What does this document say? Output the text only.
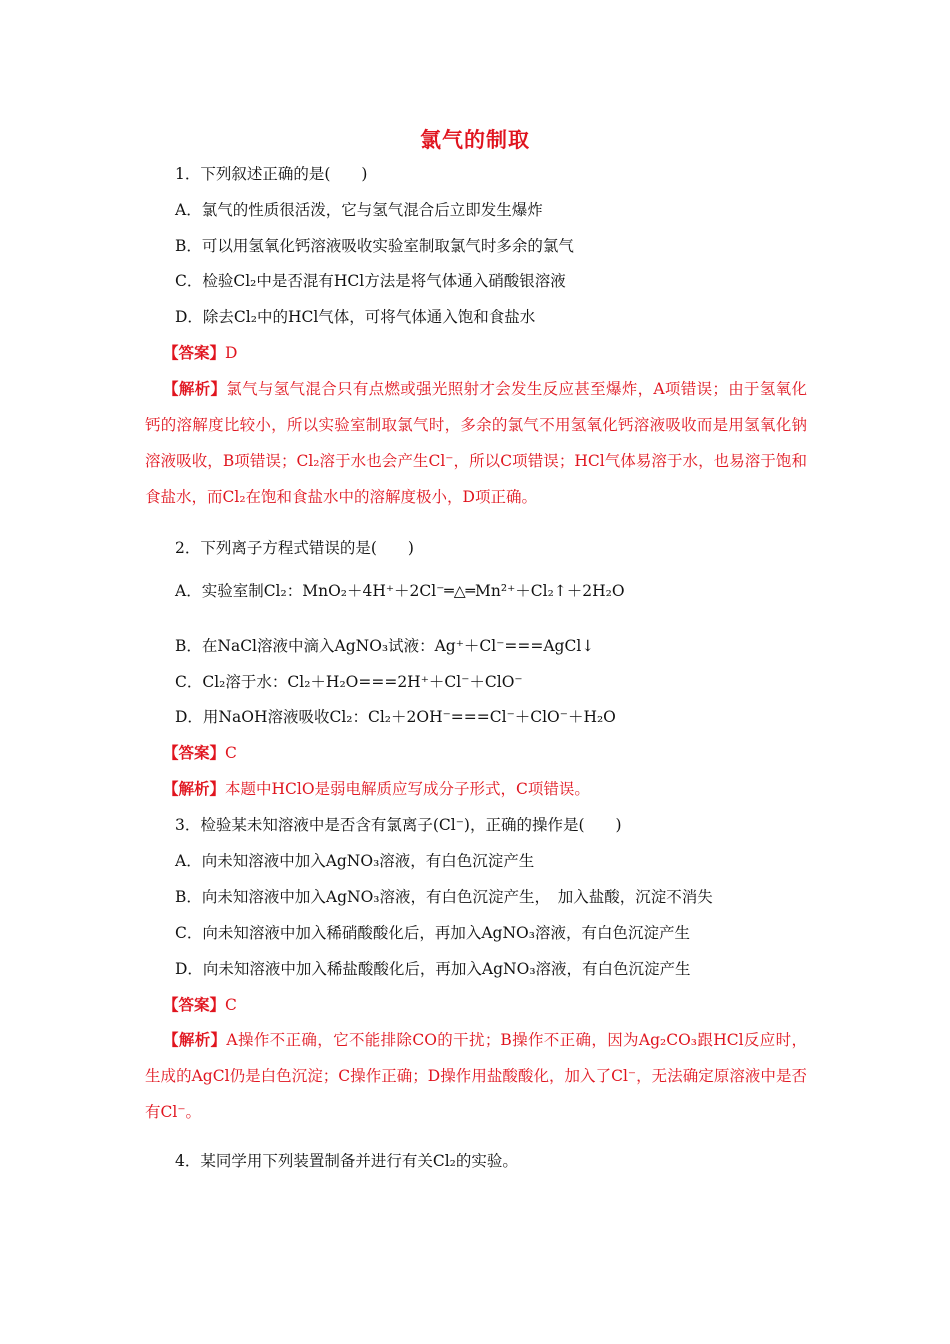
氯气的制取
1．下列叙述正确的是(　　)
A．氯气的性质很活泼，它与氢气混合后立即发生爆炸
B．可以用氢氧化钙溶液吸收实验室制取氯气时多余的氯气
C．检验Cl₂中是否混有HCl方法是将气体通入硝酸银溶液
D．除去Cl₂中的HCl气体，可将气体通入饱和食盐水
【答案】D
【解析】氯气与氢气混合只有点燃或强光照射才会发生反应甚至爆炸，A项错误；由于氢氧化钙的溶解度比较小，所以实验室制取氯气时，多余的氯气不用氢氧化钙溶液吸收而是用氢氧化钠溶液吸收，B项错误；Cl₂溶于水也会产生Cl⁻，所以C项错误；HCl气体易溶于水，也易溶于饱和食盐水，而Cl₂在饱和食盐水中的溶解度极小，D项正确。
2．下列离子方程式错误的是(　　)
A．实验室制Cl₂：MnO₂＋4H⁺＋2Cl⁻═△═Mn²⁺＋Cl₂↑＋2H₂O
B．在NaCl溶液中滴入AgNO₃试液：Ag⁺＋Cl⁻===AgCl↓
C．Cl₂溶于水：Cl₂＋H₂O===2H⁺＋Cl⁻＋ClO⁻
D．用NaOH溶液吸收Cl₂：Cl₂＋2OH⁻===Cl⁻＋ClO⁻＋H₂O
【答案】C
【解析】本题中HClO是弱电解质应写成分子形式，C项错误。
3．检验某未知溶液中是否含有氯离子(Cl⁻)，正确的操作是(　　)
A．向未知溶液中加入AgNO₃溶液，有白色沉淀产生
B．向未知溶液中加入AgNO₃溶液，有白色沉淀产生，　加入盐酸，沉淀不消失
C．向未知溶液中加入稀硝酸酸化后，再加入AgNO₃溶液，有白色沉淀产生
D．向未知溶液中加入稀盐酸酸化后，再加入AgNO₃溶液，有白色沉淀产生
【答案】C
【解析】A操作不正确，它不能排除CO的干扰；B操作不正确，因为Ag₂CO₃跟HCl反应时，生成的AgCl仍是白色沉淀；C操作正确；D操作用盐酸酸化，加入了Cl⁻，无法确定原溶液中是否有Cl⁻。
4．某同学用下列装置制备并进行有关Cl₂的实验。
